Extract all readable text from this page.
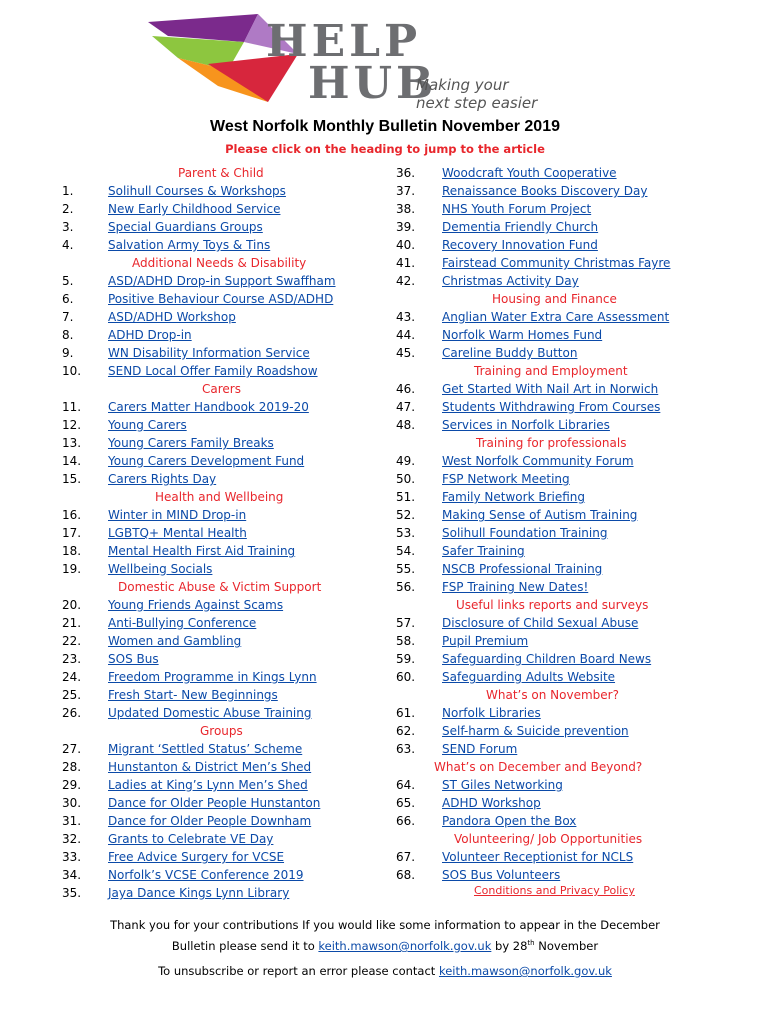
HELP
HUB
Making your
next step easier
West Norfolk Monthly Bulletin November 2019
Please click on the heading to jump to the article
Parent & Child
1.	Solihull Courses & Workshops
2.	New Early Childhood Service
3.	Special Guardians Groups
4.	Salvation Army Toys & Tins
Additional Needs & Disability
5.	ASD/ADHD Drop-in Support Swaffham
6.	Positive Behaviour Course ASD/ADHD
7.	ASD/ADHD Workshop
8.	ADHD Drop-in
9.	WN Disability Information Service
10.	SEND Local Offer Family Roadshow
Carers
11.	Carers Matter Handbook 2019-20
12.	Young Carers
13.	Young Carers Family Breaks
14.	Young Carers Development Fund
15.	Carers Rights Day
Health and Wellbeing
16.	Winter in MIND Drop-in
17.	LGBTQ+ Mental Health
18.	Mental Health First Aid Training
19.	Wellbeing Socials
Domestic Abuse & Victim Support
20.	Young Friends Against Scams
21.	Anti-Bullying Conference
22.	Women and Gambling
23.	SOS Bus
24.	Freedom Programme in Kings Lynn
25.	Fresh Start- New Beginnings
26.	Updated Domestic Abuse Training
Groups
27.	Migrant ‘Settled Status’ Scheme
28.	Hunstanton & District Men’s Shed
29.	Ladies at King’s Lynn Men’s Shed
30.	Dance for Older People Hunstanton
31.	Dance for Older People Downham
32.	Grants to Celebrate VE Day
33.	Free Advice Surgery for VCSE
34.	Norfolk’s VCSE Conference 2019
35.	Jaya Dance Kings Lynn Library
36.	Woodcraft Youth Cooperative
37.	Renaissance Books Discovery Day
38.	NHS Youth Forum Project
39.	Dementia Friendly Church
40.	Recovery Innovation Fund
41.	Fairstead Community Christmas Fayre
42.	Christmas Activity Day
Housing and Finance
43.	Anglian Water Extra Care Assessment
44.	Norfolk Warm Homes Fund
45.	Careline Buddy Button
Training and Employment
46.	Get Started With Nail Art in Norwich
47.	Students Withdrawing From Courses
48.	Services in Norfolk Libraries
Training for professionals
49.	West Norfolk Community Forum
50.	FSP Network Meeting
51.	Family Network Briefing
52.	Making Sense of Autism Training
53.	Solihull Foundation Training
54.	Safer Training
55.	NSCB Professional Training
56.	FSP Training New Dates!
Useful links reports and surveys
57.	Disclosure of Child Sexual Abuse
58.	Pupil Premium
59.	Safeguarding Children Board News
60.	Safeguarding Adults Website
What’s on November?
61.	Norfolk Libraries
62.	Self-harm & Suicide prevention
63.	SEND Forum
What’s on December and Beyond?
64.	ST Giles Networking
65.	ADHD Workshop
66.	Pandora Open the Box
Volunteering/ Job Opportunities
67.	Volunteer Receptionist for NCLS
68.	SOS Bus Volunteers
Conditions and Privacy Policy
Thank you for your contributions If you would like some information to appear in the December
Bulletin please send it to keith.mawson@norfolk.gov.uk by 28th November
To unsubscribe or report an error please contact keith.mawson@norfolk.gov.uk
